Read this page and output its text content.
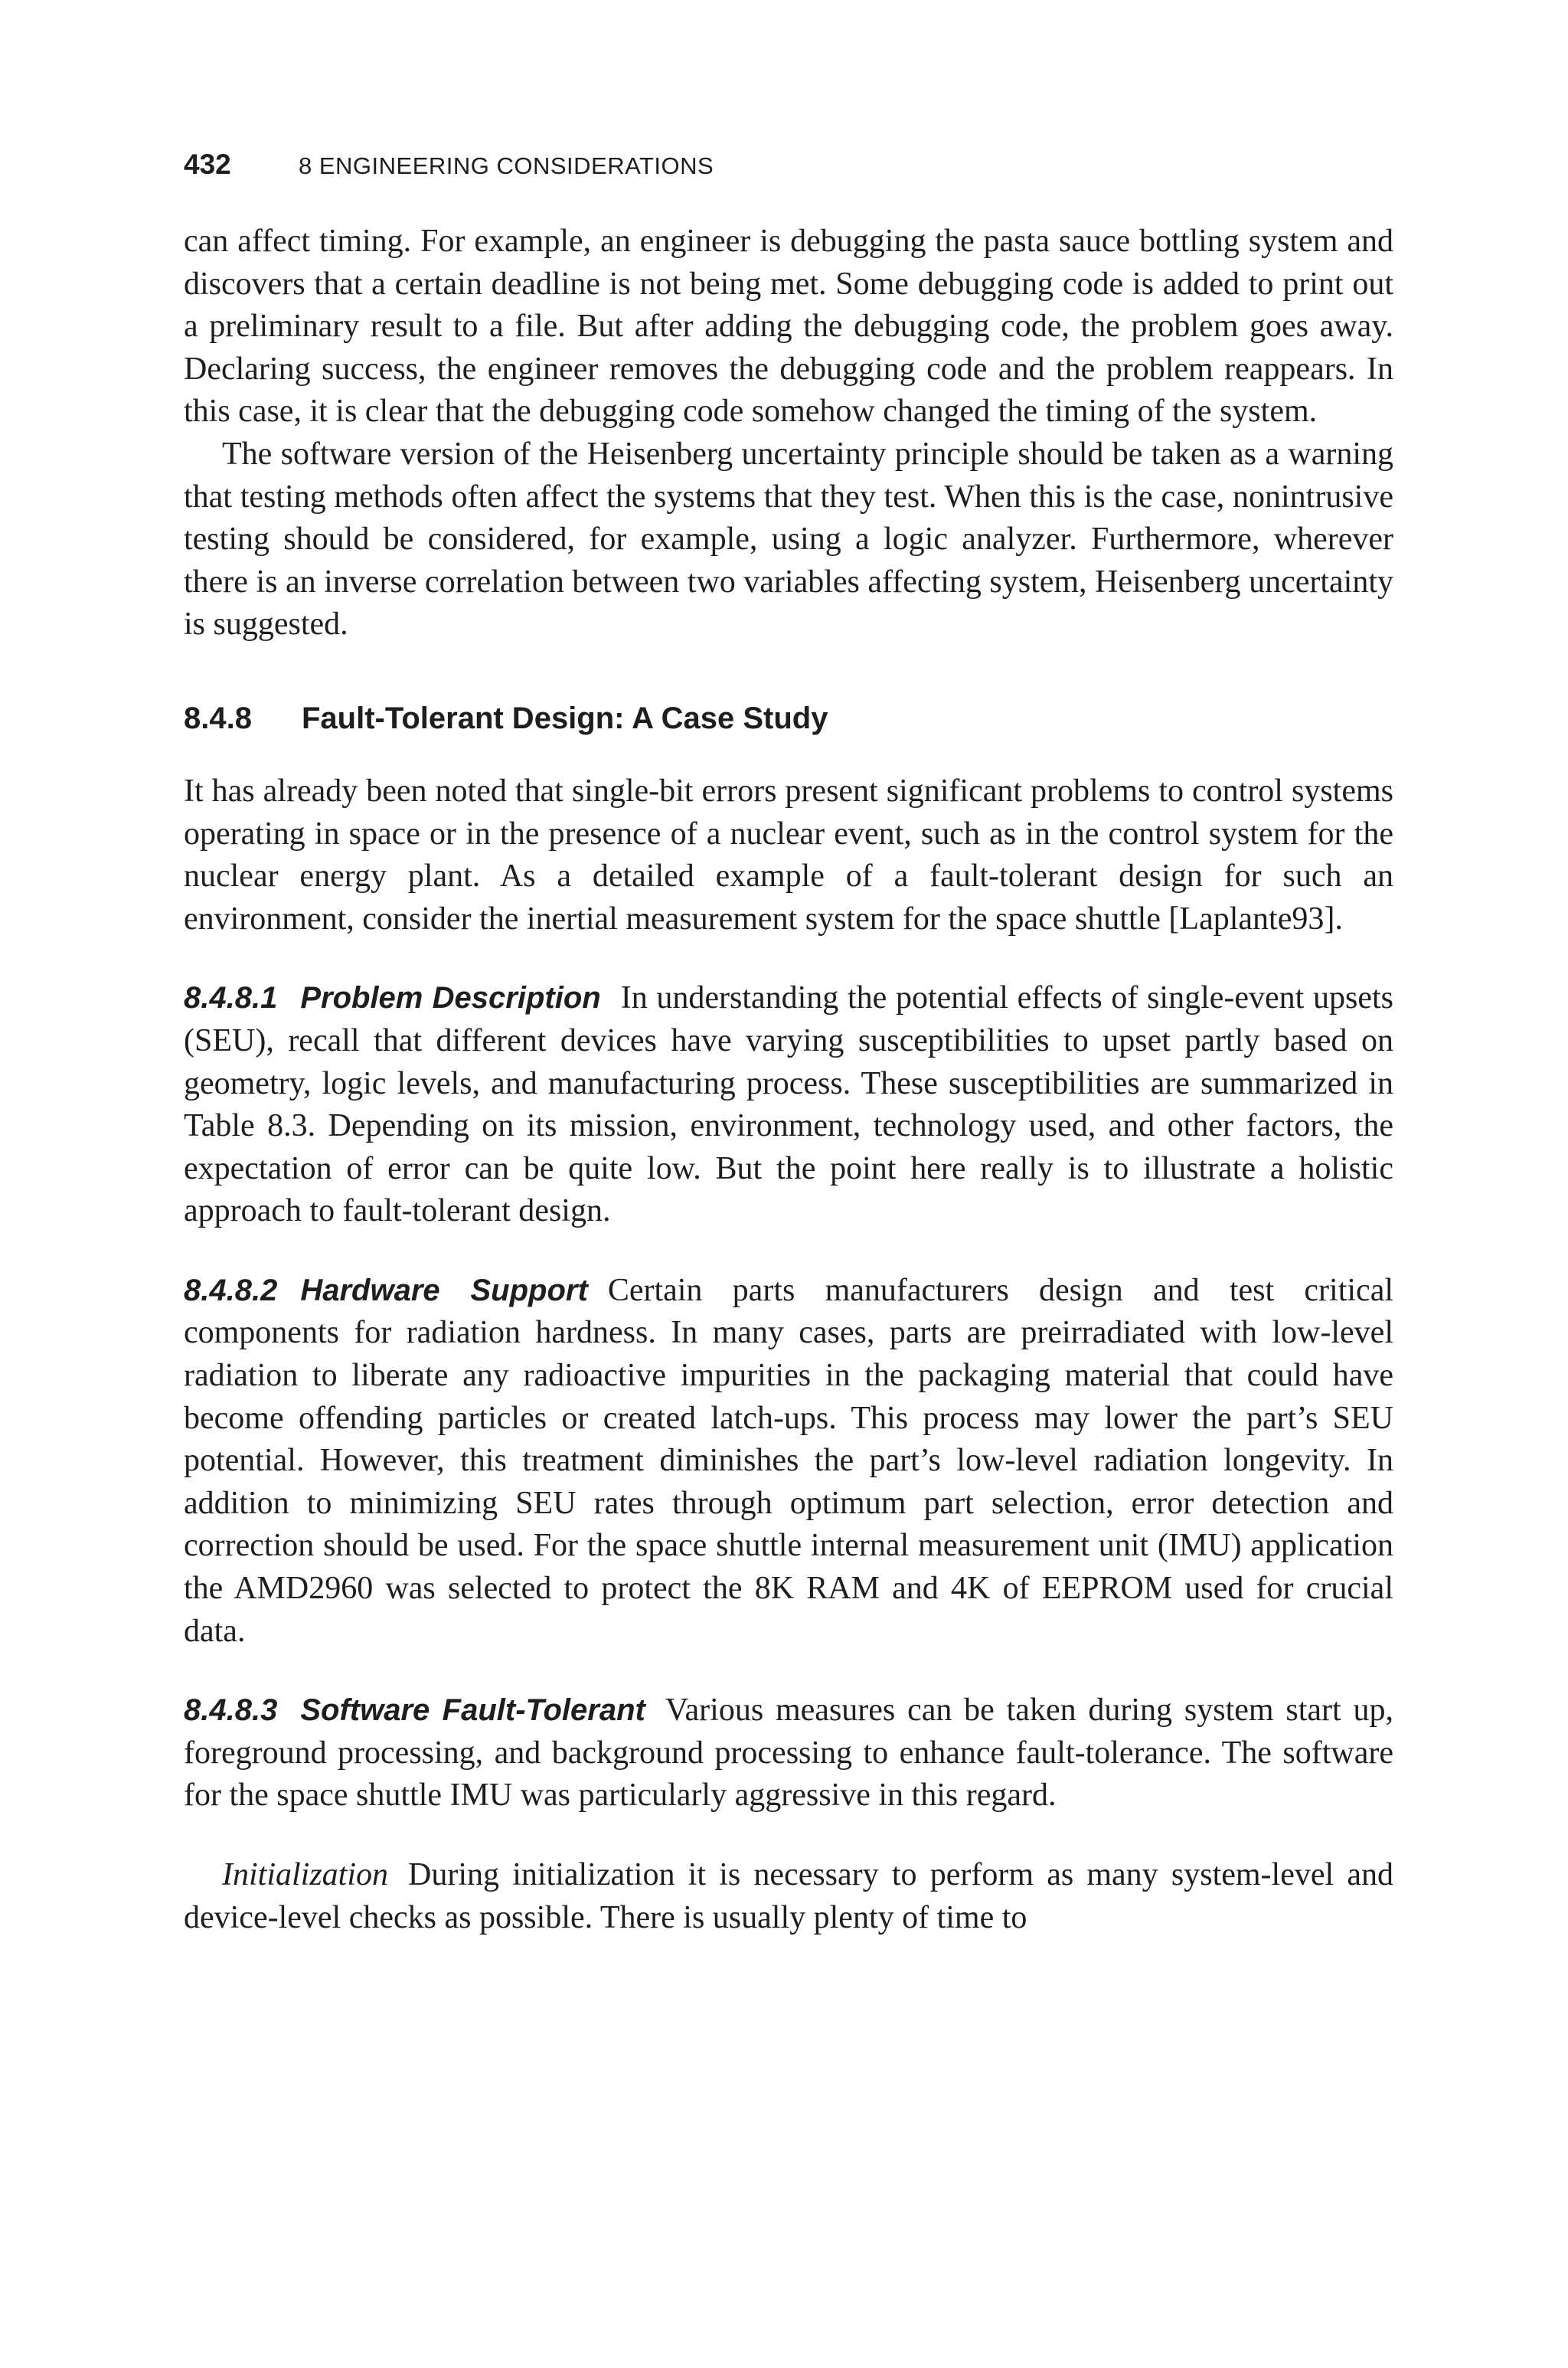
432	8 ENGINEERING CONSIDERATIONS

can affect timing. For example, an engineer is debugging the pasta sauce bottling system and discovers that a certain deadline is not being met. Some debugging code is added to print out a preliminary result to a file. But after adding the debugging code, the problem goes away. Declaring success, the engineer removes the debugging code and the problem reappears. In this case, it is clear that the debugging code somehow changed the timing of the system.

The software version of the Heisenberg uncertainty principle should be taken as a warning that testing methods often affect the systems that they test. When this is the case, nonintrusive testing should be considered, for example, using a logic analyzer. Furthermore, wherever there is an inverse correlation between two variables affecting system, Heisenberg uncertainty is suggested.

8.4.8 Fault-Tolerant Design: A Case Study

It has already been noted that single-bit errors present significant problems to control systems operating in space or in the presence of a nuclear event, such as in the control system for the nuclear energy plant. As a detailed example of a fault-tolerant design for such an environment, consider the inertial measurement system for the space shuttle [Laplante93].

8.4.8.1 Problem Description In understanding the potential effects of single-event upsets (SEU), recall that different devices have varying susceptibilities to upset partly based on geometry, logic levels, and manufacturing process. These susceptibilities are summarized in Table 8.3. Depending on its mission, environment, technology used, and other factors, the expectation of error can be quite low. But the point here really is to illustrate a holistic approach to fault-tolerant design.

8.4.8.2 Hardware Support Certain parts manufacturers design and test critical components for radiation hardness. In many cases, parts are preirradiated with low-level radiation to liberate any radioactive impurities in the packaging material that could have become offending particles or created latch-ups. This process may lower the part’s SEU potential. However, this treatment diminishes the part’s low-level radiation longevity. In addition to minimizing SEU rates through optimum part selection, error detection and correction should be used. For the space shuttle internal measurement unit (IMU) application the AMD2960 was selected to protect the 8K RAM and 4K of EEPROM used for crucial data.

8.4.8.3 Software Fault-Tolerant Various measures can be taken during system start up, foreground processing, and background processing to enhance fault-tolerance. The software for the space shuttle IMU was particularly aggressive in this regard.

Initialization During initialization it is necessary to perform as many system-level and device-level checks as possible. There is usually plenty of time to
